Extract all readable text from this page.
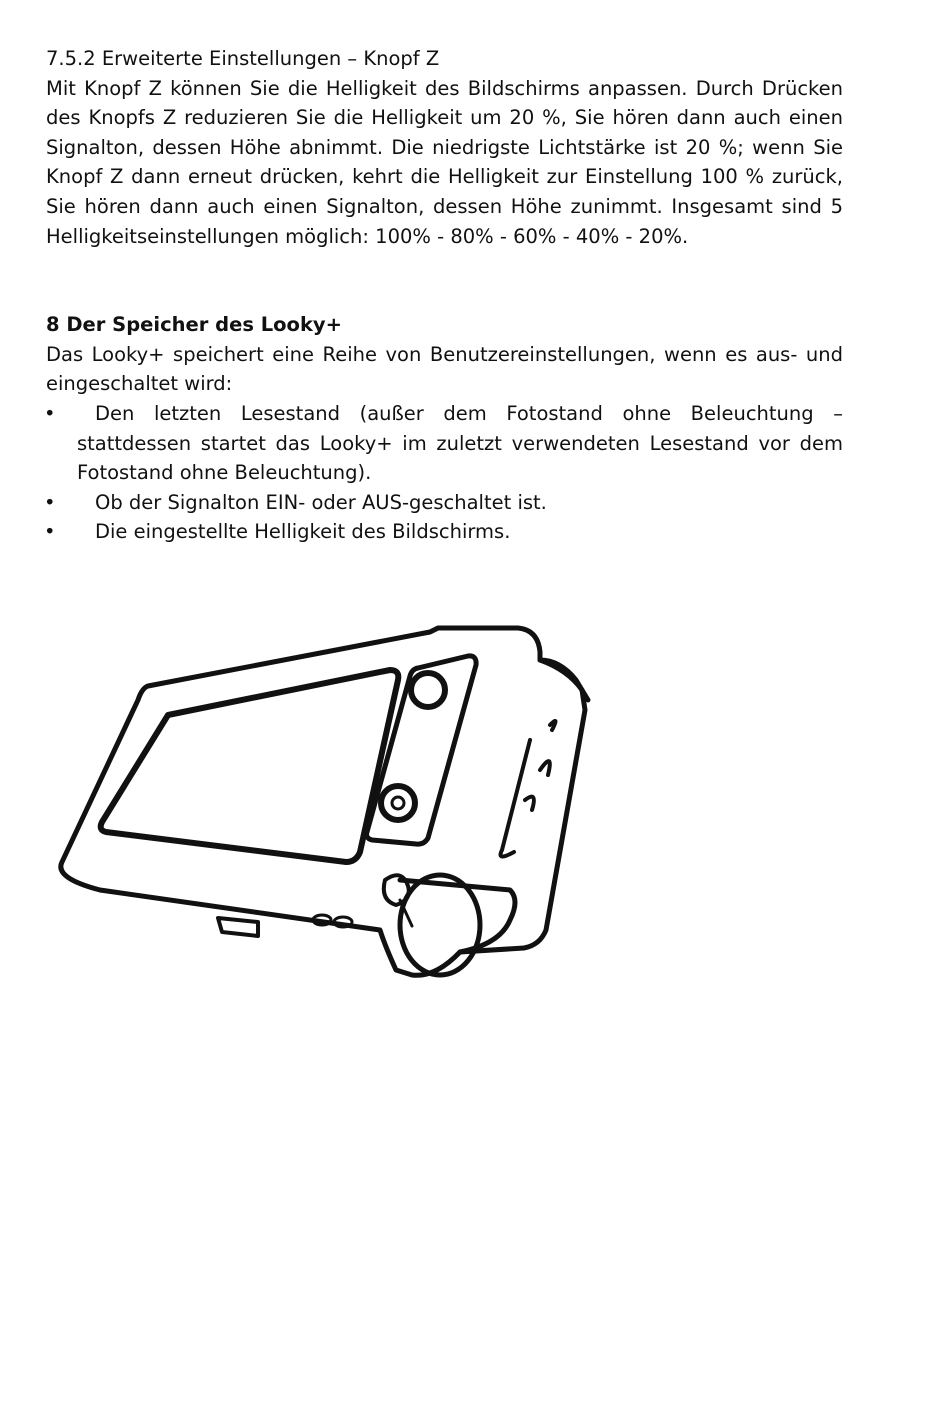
7.5.2 Erweiterte Einstellungen – Knopf Z

Mit Knopf Z können Sie die Helligkeit des Bildschirms anpassen. Durch Drücken des Knopfs Z reduzieren Sie die Helligkeit um 20 %, Sie hören dann auch einen Signalton, dessen Höhe abnimmt. Die niedrigste Lichtstärke ist 20 %; wenn Sie Knopf Z dann erneut drücken, kehrt die Helligkeit zur Einstellung 100 % zurück, Sie hören dann auch einen Signalton, dessen Höhe zunimmt. Insgesamt sind 5 Helligkeitseinstellungen möglich: 100% - 80% - 60% - 40% - 20%.

8 Der Speicher des Looky+

Das Looky+ speichert eine Reihe von Benutzereinstellungen, wenn es aus- und eingeschaltet wird:

•	Den letzten Lesestand (außer dem Fotostand ohne Beleuchtung – stattdessen startet das Looky+ im zuletzt verwendeten Lesestand vor dem Fotostand ohne Beleuchtung).
•	Ob der Signalton EIN- oder AUS-geschaltet ist.
•	Die eingestellte Helligkeit des Bildschirms.
